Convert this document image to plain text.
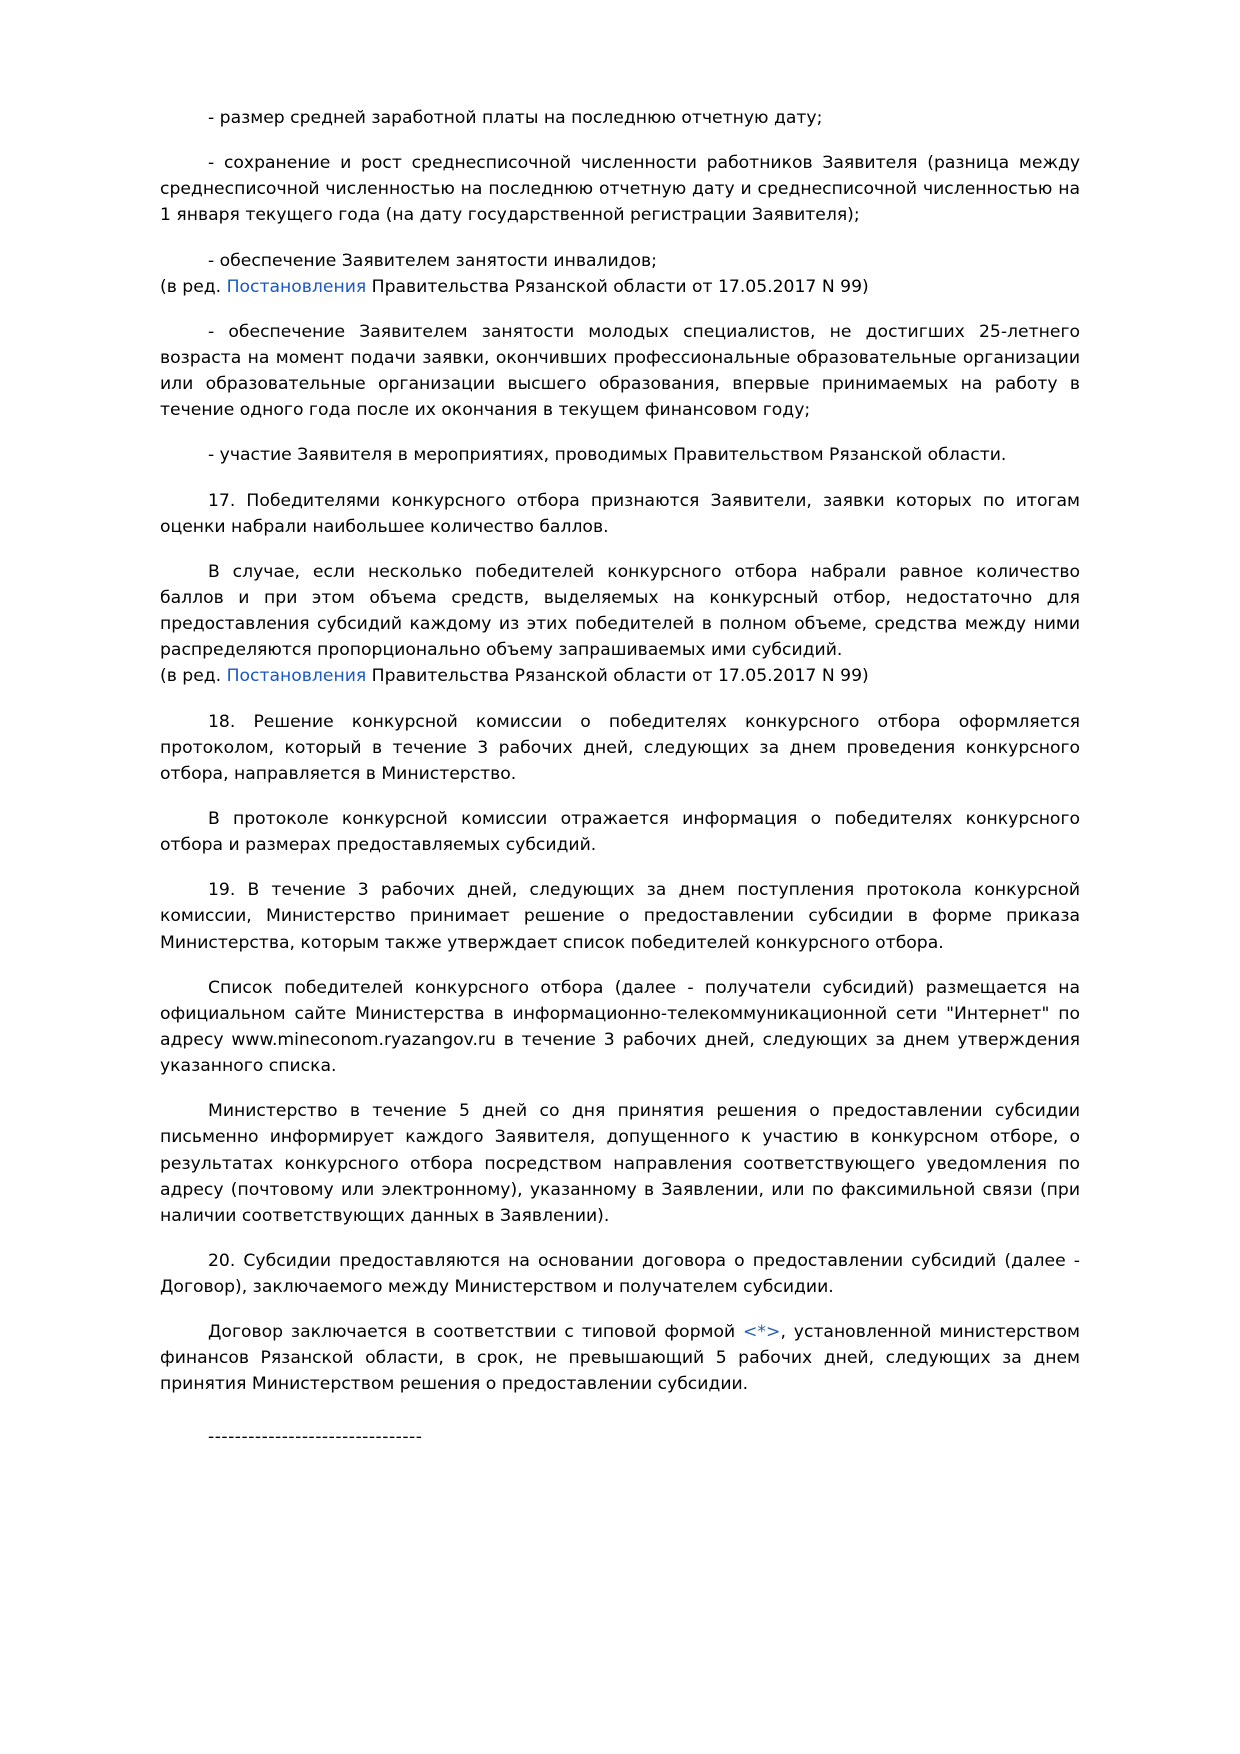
- размер средней заработной платы на последнюю отчетную дату;

- сохранение и рост среднесписочной численности работников Заявителя (разница между среднесписочной численностью на последнюю отчетную дату и среднесписочной численностью на 1 января текущего года (на дату государственной регистрации Заявителя);

- обеспечение Заявителем занятости инвалидов;

(в ред. Постановления Правительства Рязанской области от 17.05.2017 N 99)

- обеспечение Заявителем занятости молодых специалистов, не достигших 25-летнего возраста на момент подачи заявки, окончивших профессиональные образовательные организации или образовательные организации высшего образования, впервые принимаемых на работу в течение одного года после их окончания в текущем финансовом году;

- участие Заявителя в мероприятиях, проводимых Правительством Рязанской области.

17. Победителями конкурсного отбора признаются Заявители, заявки которых по итогам оценки набрали наибольшее количество баллов.

В случае, если несколько победителей конкурсного отбора набрали равное количество баллов и при этом объема средств, выделяемых на конкурсный отбор, недостаточно для предоставления субсидий каждому из этих победителей в полном объеме, средства между ними распределяются пропорционально объему запрашиваемых ими субсидий.

(в ред. Постановления Правительства Рязанской области от 17.05.2017 N 99)

18. Решение конкурсной комиссии о победителях конкурсного отбора оформляется протоколом, который в течение 3 рабочих дней, следующих за днем проведения конкурсного отбора, направляется в Министерство.

В протоколе конкурсной комиссии отражается информация о победителях конкурсного отбора и размерах предоставляемых субсидий.

19. В течение 3 рабочих дней, следующих за днем поступления протокола конкурсной комиссии, Министерство принимает решение о предоставлении субсидии в форме приказа Министерства, которым также утверждает список победителей конкурсного отбора.

Список победителей конкурсного отбора (далее - получатели субсидий) размещается на официальном сайте Министерства в информационно-телекоммуникационной сети "Интернет" по адресу www.mineconom.ryazangov.ru в течение 3 рабочих дней, следующих за днем утверждения указанного списка.

Министерство в течение 5 дней со дня принятия решения о предоставлении субсидии письменно информирует каждого Заявителя, допущенного к участию в конкурсном отборе, о результатах конкурсного отбора посредством направления соответствующего уведомления по адресу (почтовому или электронному), указанному в Заявлении, или по факсимильной связи (при наличии соответствующих данных в Заявлении).

20. Субсидии предоставляются на основании договора о предоставлении субсидий (далее - Договор), заключаемого между Министерством и получателем субсидии.

Договор заключается в соответствии с типовой формой <*>, установленной министерством финансов Рязанской области, в срок, не превышающий 5 рабочих дней, следующих за днем принятия Министерством решения о предоставлении субсидии.

--------------------------------
